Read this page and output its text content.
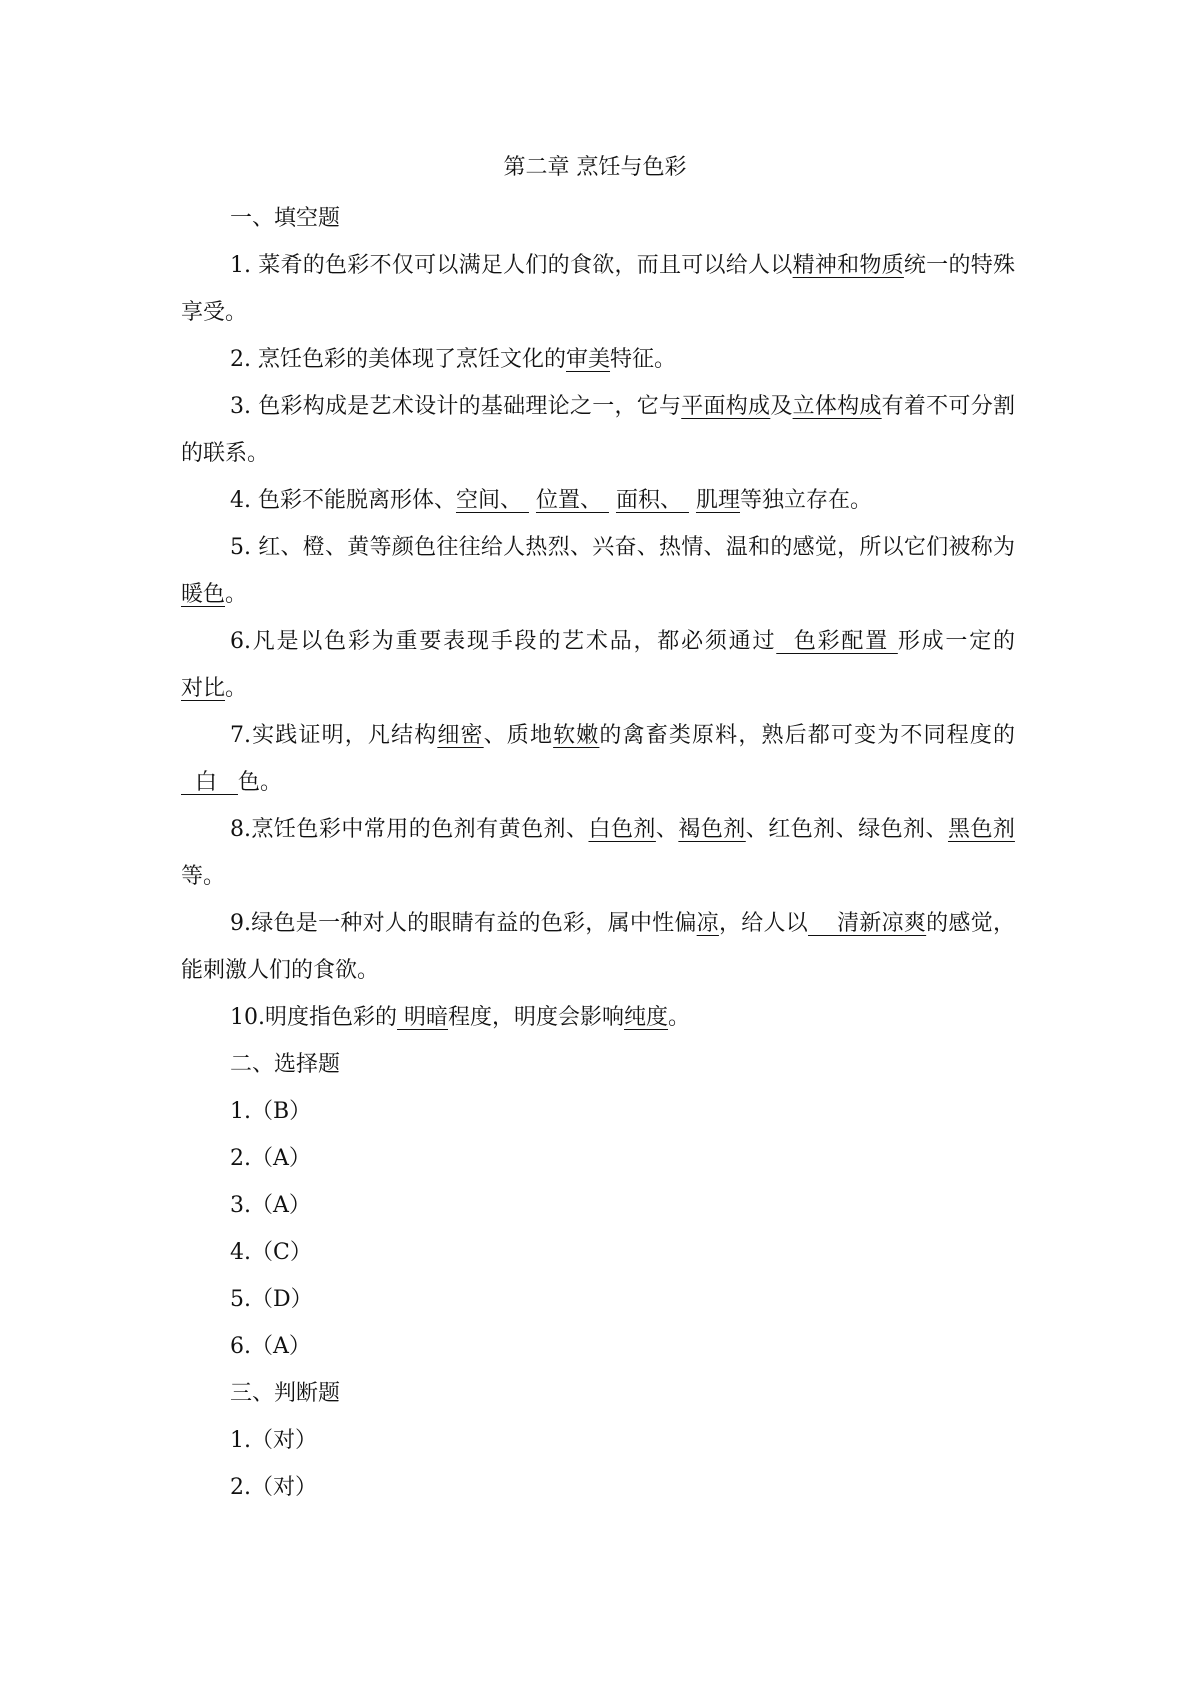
第二章 烹饪与色彩
一、填空题
1. 菜肴的色彩不仅可以满足人们的食欲，而且可以给人以精神和物质统一的特殊享受。
2. 烹饪色彩的美体现了烹饪文化的审美特征。
3. 色彩构成是艺术设计的基础理论之一，它与平面构成及立体构成有着不可分割的联系。
4. 色彩不能脱离形体、空间、  位置、  面积、  肌理等独立存在。
5. 红、橙、黄等颜色往往给人热烈、兴奋、热情、温和的感觉，所以它们被称为暖色。
6.凡是以色彩为重要表现手段的艺术品，都必须通过  色彩配置 形成一定的对比。
7.实践证明，凡结构细密、质地软嫩的禽畜类原料，熟后都可变为不同程度的  白   色。
8.烹饪色彩中常用的色剂有黄色剂、白色剂、褐色剂、红色剂、绿色剂、黑色剂等。
9.绿色是一种对人的眼睛有益的色彩，属中性偏凉，给人以    清新凉爽的感觉，能刺激人们的食欲。
10.明度指色彩的 明暗程度，明度会影响纯度。
二、选择题
1.（B）
2.（A）
3.（A）
4.（C）
5.（D）
6.（A）
三、判断题
1.（对）
2.（对）
